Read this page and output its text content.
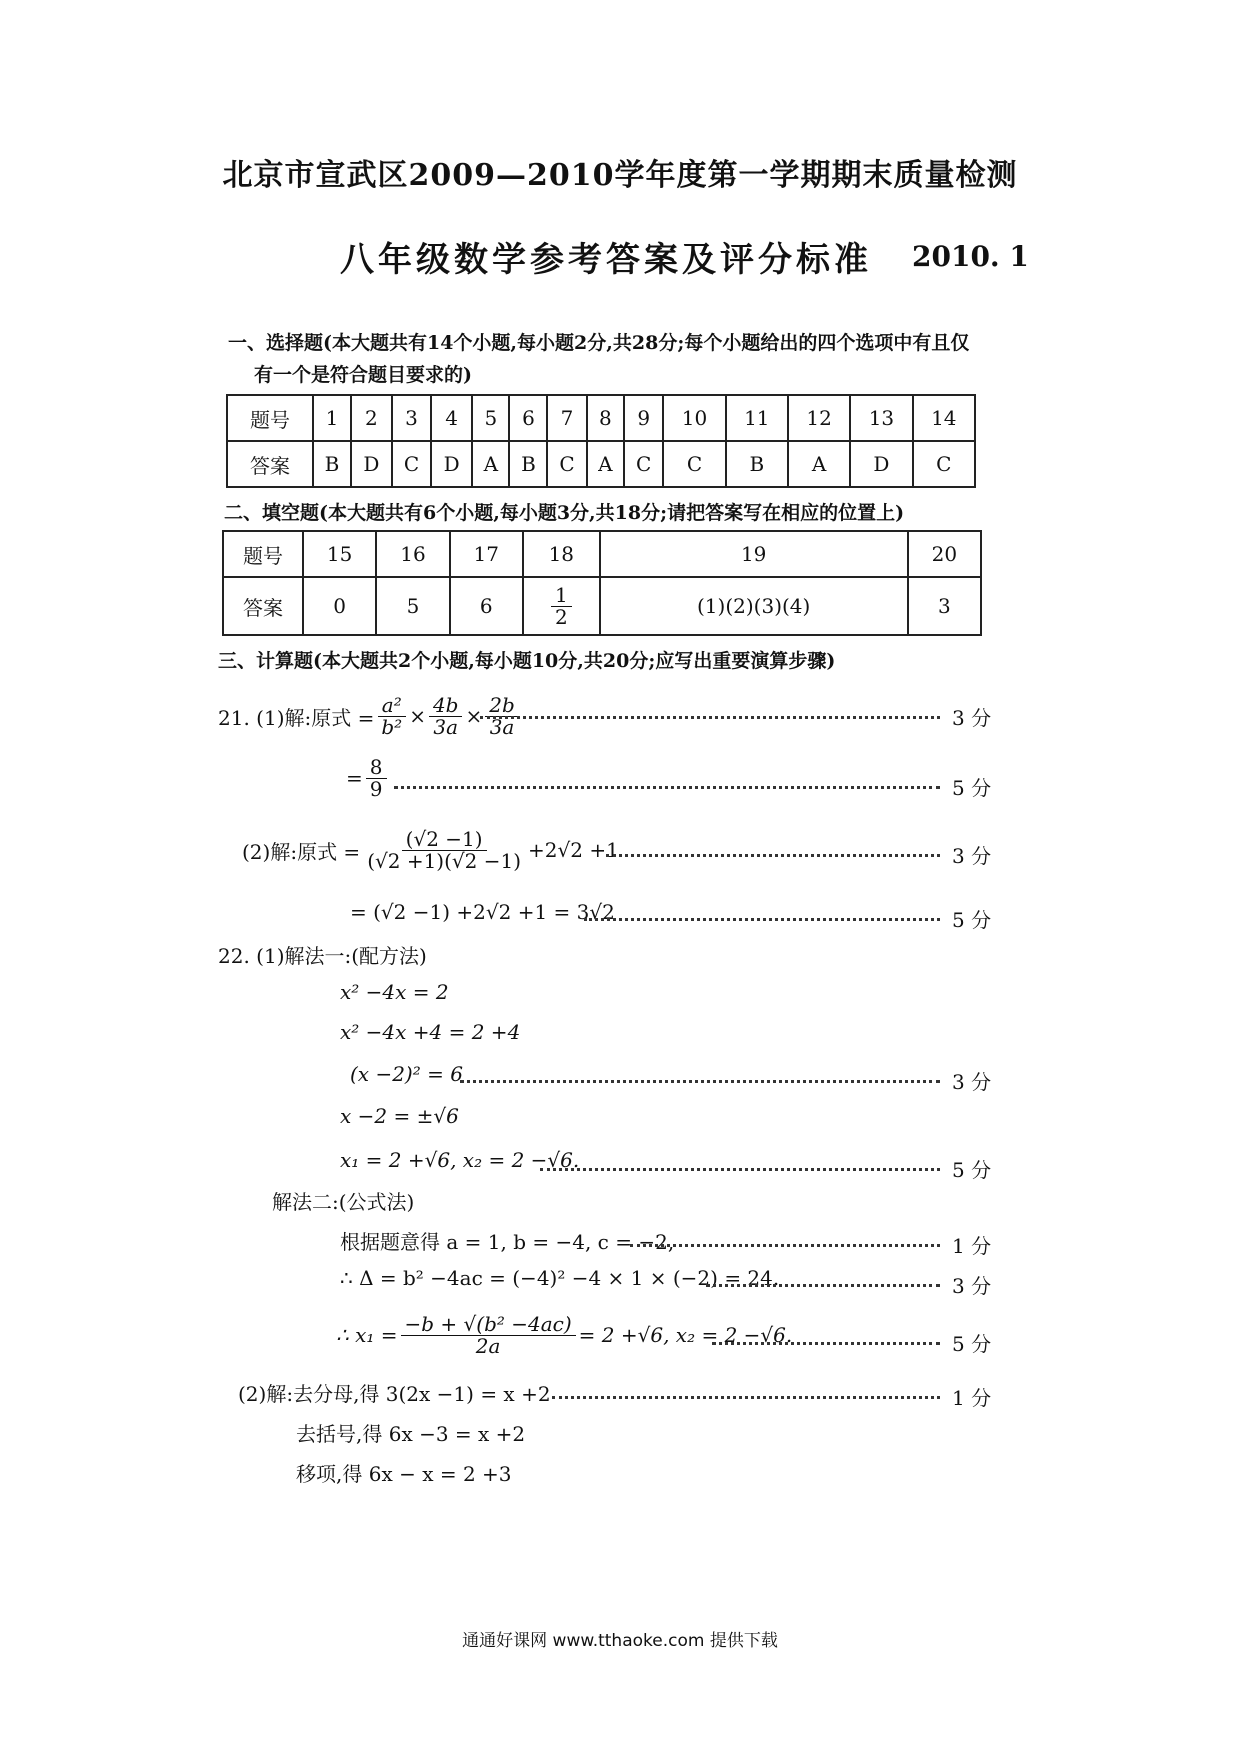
北京市宣武区2009—2010学年度第一学期期末质量检测
八年级数学参考答案及评分标准 2010. 1
一、选择题(本大题共有14个小题,每小题2分,共28分;每个小题给出的四个选项中有且仅
有一个是符合题目要求的)
题号	1	2	3	4	5	6	7	8	9	10	11	12	13	14
答案	B	D	C	D	A	B	C	A	C	C	B	A	D	C
二、填空题(本大题共有6个小题,每小题3分,共18分;请把答案写在相应的位置上)
题号	15	16	17	18	19	20
答案	0	5	6	$\frac{1}{2}$	(1)(2)(3)(4)	3
三、计算题(本大题共2个小题,每小题10分,共20分;应写出重要演算步骤)
21. (1)解:原式 = $\frac{\text{a²}}{\text{b²}} \times \frac{4b}{3a} \times \frac{2b}{3a}$	3 分
= $\frac{8}{9}$	5 分
(2)解:原式 = $\frac{(√2 -1)}{(√2 +1)(√2 -1)} +2√2 +1$	3 分
= (√2 −1) +2√2 +1 = 3√2	5 分
22. (1)解法一:(配方法)
x² −4x = 2
x² −4x +4 = 2 +4
(x −2)² = 6	3 分
x −2 = ±√6
x₁ = 2 +√6, x₂ = 2 −√6.	5 分
解法二:(公式法)
根据题意得 a = 1, b = −4, c = −2,	1 分
∴ Δ = b² −4ac = (−4)² −4 × 1 × (−2) = 24.	3 分
∴ $x_1 = \frac{\text{−b + √(b² −4ac)}}{2a} = 2 +√6$, x₂ = 2 −√6.	5 分
(2)解:去分母,得 3(2x −1) = x +2	1 分
去括号,得 6x −3 = x +2
移项,得 6x − x = 2 +3
通通好课网 www.tthaoke.com 提供下载
